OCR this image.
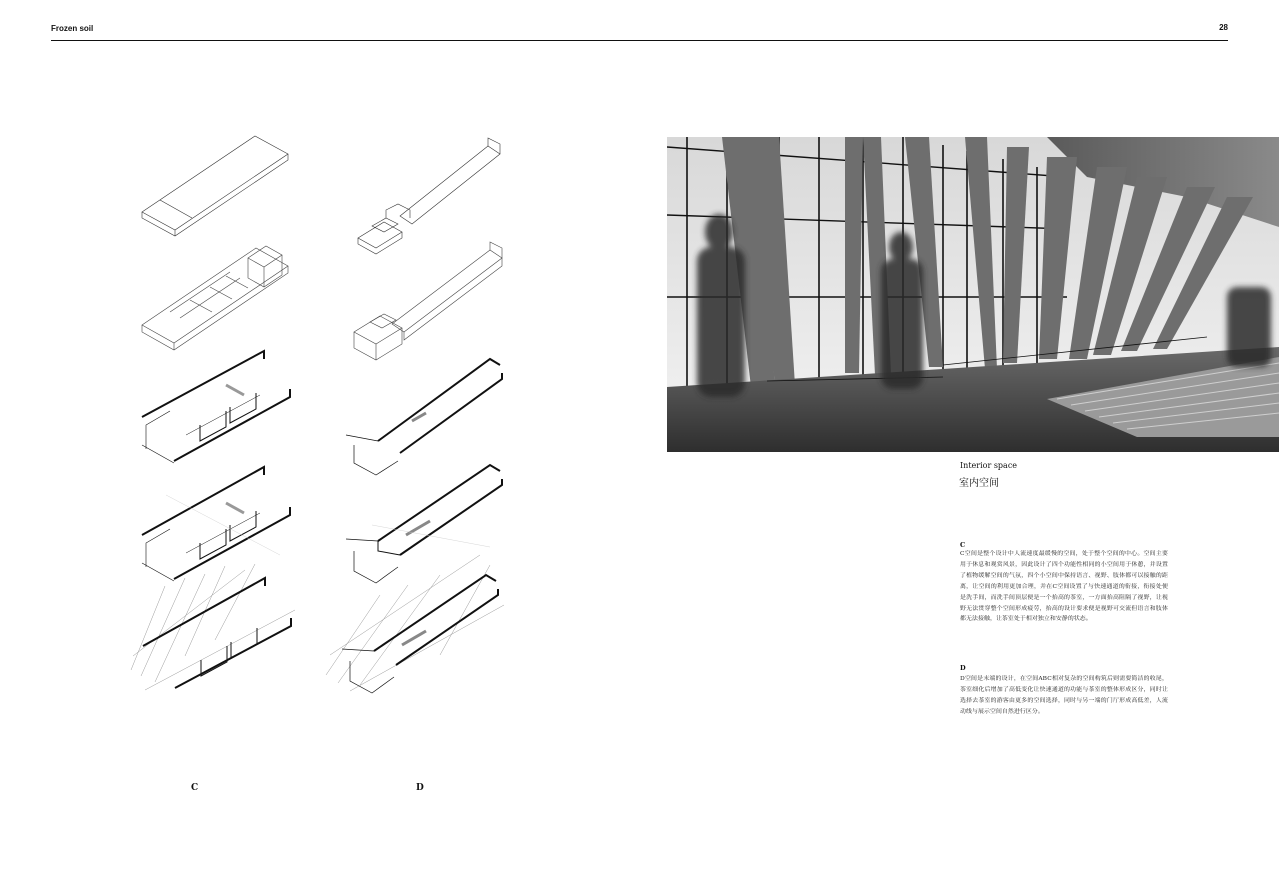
Frozen soil	28
C	D
Interior space
室内空间
C
C空间是整个设计中人流速度最缓慢的空间，处于整个空间的中心。空间主要用于休息和观赏风景，因此设计了四个功能性相同的小空间用于休憩，并设置了植物缓解空间的气氛，四个小空间中保持语言、视野、肢体都可以接触的距离，让空间的利用更加合理，并在C空间设置了与快速通道的衔接，衔接处便是洗手间，而洗手间顶层便是一个抬高的茶室，一方面抬高阻隔了视野，让视野无法贯穿整个空间形成疲劳，抬高的设计要求便是视野可交流但语言和肢体都无法接触，让茶室处于相对独立和安静的状态。
D
D空间是末端的设计，在空间ABC相对复杂的空间构筑后则需要简洁的收尾，茶室细化后增加了高低变化让快速通道的功能与茶室的整体形成区分，同时让选择去茶室的游客由更多的空间选择，同时与另一端的门厅形成高低差，人流动线与展示空间自然进行区分。
